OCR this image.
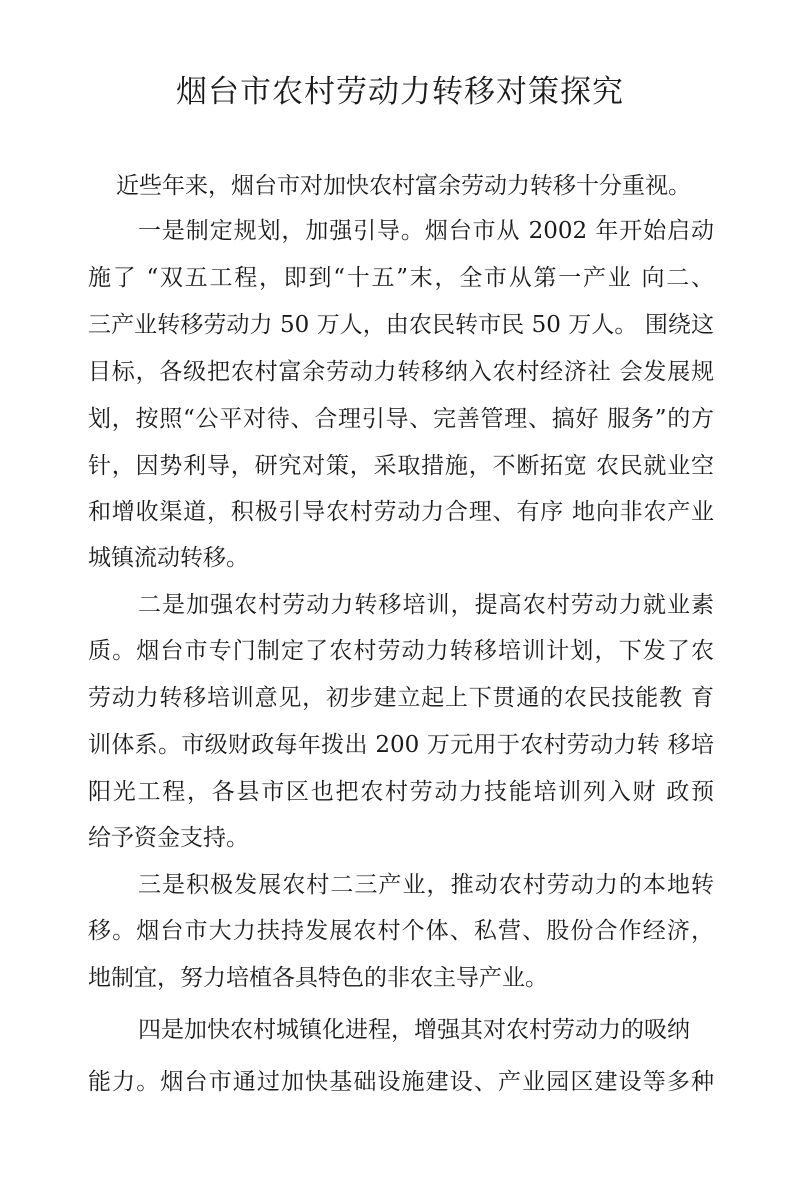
烟台市农村劳动力转移对策探究
近些年来，烟台市对加快农村富余劳动力转移十分重视。
一是制定规划，加强引导。烟台市从 2002 年开始启动
施了 “双五工程，即到“十五”末，全市从第一产业 向二、
三产业转移劳动力 50 万人，由农民转市民 50 万人。 围绕这
目标，各级把农村富余劳动力转移纳入农村经济社 会发展规
划，按照“公平对待、合理引导、完善管理、搞好 服务”的方
针，因势利导，研究对策，采取措施，不断拓宽 农民就业空
和增收渠道，积极引导农村劳动力合理、有序 地向非农产业
城镇流动转移。
二是加强农村劳动力转移培训，提高农村劳动力就业素
质。烟台市专门制定了农村劳动力转移培训计划，下发了农
劳动力转移培训意见，初步建立起上下贯通的农民技能教 育
训体系。市级财政每年拨出 200 万元用于农村劳动力转 移培
阳光工程，各县市区也把农村劳动力技能培训列入财 政预
给予资金支持。
三是积极发展农村二三产业，推动农村劳动力的本地转
移。烟台市大力扶持发展农村个体、私营、股份合作经济，
地制宜，努力培植各具特色的非农主导产业。
四是加快农村城镇化进程，增强其对农村劳动力的吸纳
能力。烟台市通过加快基础设施建设、产业园区建设等多种
